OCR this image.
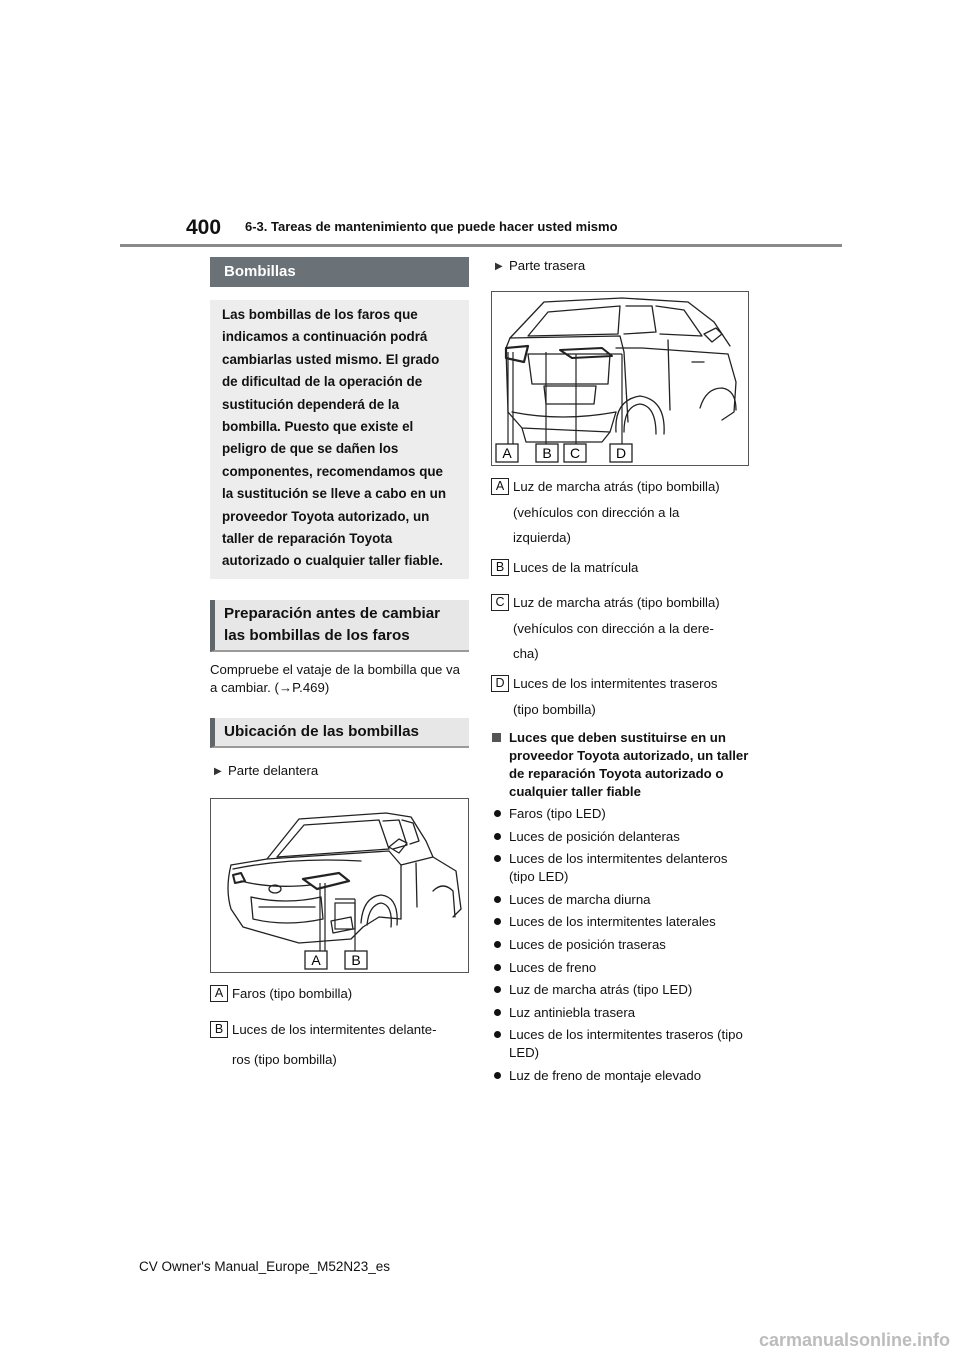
400 6-3. Tareas de mantenimiento que puede hacer usted mismo
Bombillas

Las bombillas de los faros que indicamos a continuación podrá cambiarlas usted mismo. El grado de dificultad de la operación de sustitución dependerá de la bombilla. Puesto que existe el peligro de que se dañen los componentes, recomendamos que la sustitución se lleve a cabo en un proveedor Toyota autorizado, un taller de reparación Toyota autorizado o cualquier taller fiable.

Preparación antes de cambiar las bombillas de los faros

Compruebe el vataje de la bombilla que va a cambiar. (→P.469)

Ubicación de las bombillas
▶ Parte delantera
A B
A Faros (tipo bombilla)
B Luces de los intermitentes delante-
ros (tipo bombilla)
▶ Parte trasera
A B C	D
A Luz de marcha atrás (tipo bombilla)
(vehículos con dirección a la
izquierda)
B Luces de la matrícula
C Luz de marcha atrás (tipo bombilla)
(vehículos con dirección a la dere-
cha)
D Luces de los intermitentes traseros
(tipo bombilla)
Luces que deben sustituirse en un proveedor Toyota autorizado, un taller de reparación Toyota autorizado o cualquier taller fiable
Faros (tipo LED)
Luces de posición delanteras
Luces de los intermitentes delanteros (tipo LED)
Luces de marcha diurna
Luces de los intermitentes laterales
Luces de posición traseras
Luces de freno
Luz de marcha atrás (tipo LED)
Luz antiniebla trasera
Luces de los intermitentes traseros (tipo LED)
Luz de freno de montaje elevado
CV Owner's Manual_Europe_M52N23_es
carmanualsonline.info
